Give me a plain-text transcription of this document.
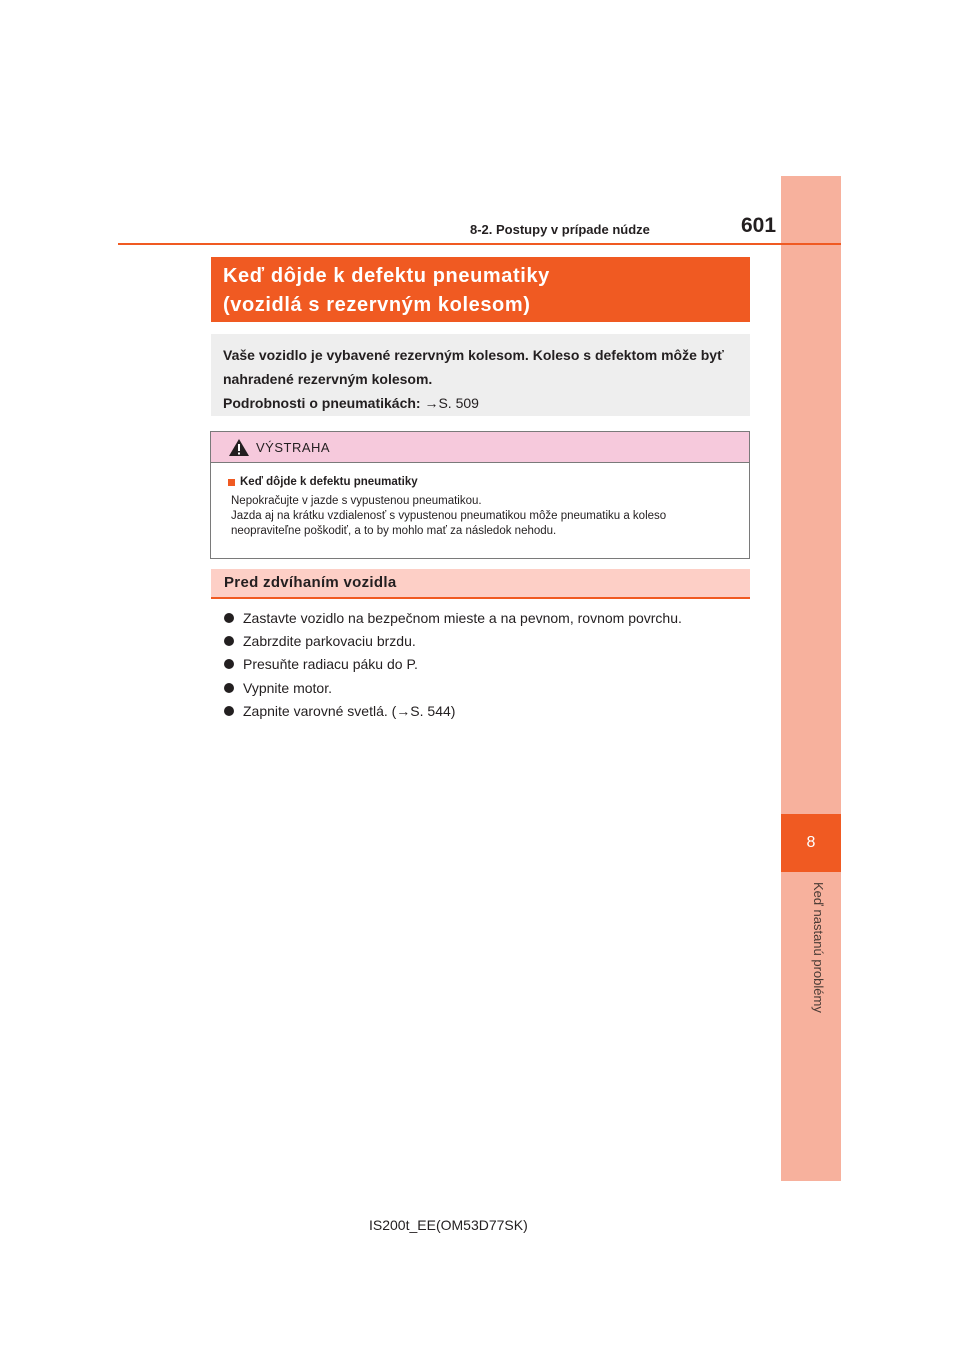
8
Keď nastanú problémy
8-2. Postupy v prípade núdze	601
Keď dôjde k defektu pneumatiky
(vozidlá s rezervným kolesom)
Vaše vozidlo je vybavené rezervným kolesom. Koleso s defektom môže byť
nahradené rezervným kolesom.
Podrobnosti o pneumatikách: →S. 509
VÝSTRAHA
Keď dôjde k defektu pneumatiky
Nepokračujte v jazde s vypustenou pneumatikou.
Jazda aj na krátku vzdialenosť s vypustenou pneumatikou môže pneumatiku a koleso
neopraviteľne poškodiť, a to by mohlo mať za následok nehodu.
Pred zdvíhaním vozidla
Zastavte vozidlo na bezpečnom mieste a na pevnom, rovnom povrchu.
Zabrzdite parkovaciu brzdu.
Presuňte radiacu páku do P.
Vypnite motor.
Zapnite varovné svetlá. (→S. 544)
IS200t_EE(OM53D77SK)
